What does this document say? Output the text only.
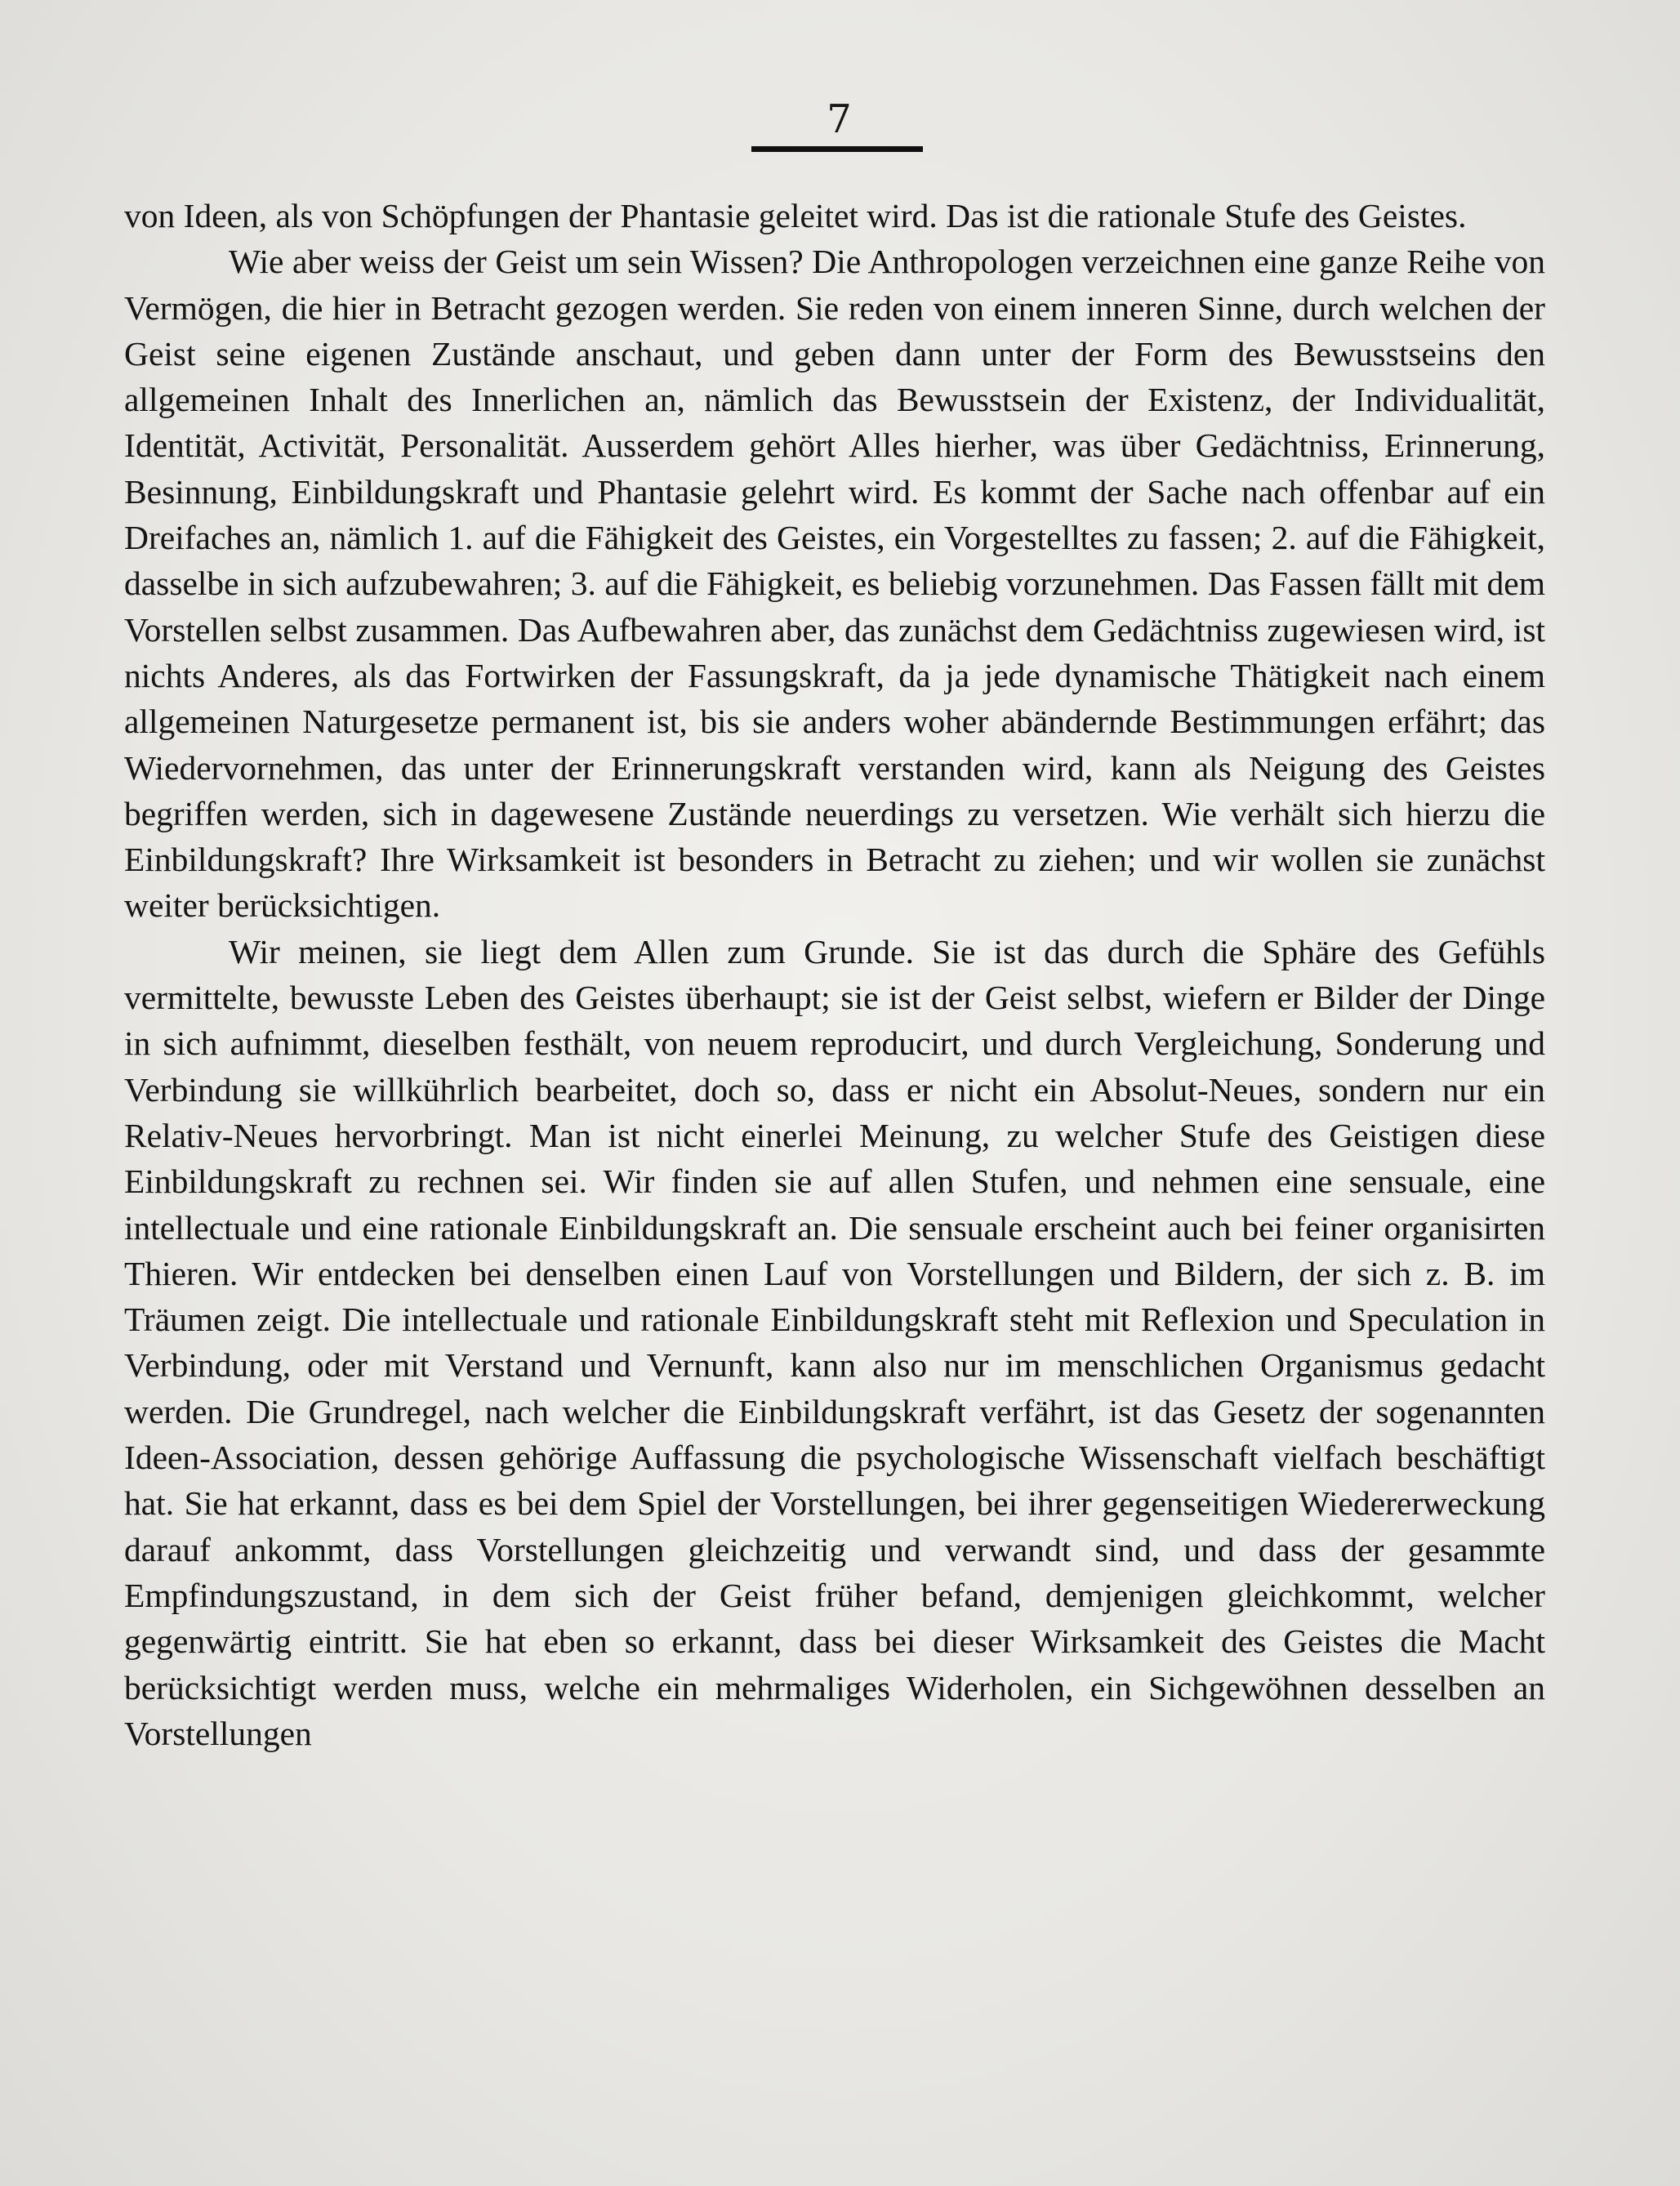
7

von Ideen, als von Schöpfungen der Phantasie geleitet wird. Das ist die rationale Stufe des Geistes.

Wie aber weiss der Geist um sein Wissen? Die Anthropologen verzeichnen eine ganze Reihe von Vermögen, die hier in Betracht gezogen werden. Sie reden von einem inneren Sinne, durch welchen der Geist seine eigenen Zustände anschaut, und geben dann unter der Form des Bewusstseins den allgemeinen Inhalt des Innerlichen an, nämlich das Bewusstsein der Existenz, der Individualität, Identität, Activität, Personalität. Ausserdem gehört Alles hierher, was über Gedächtniss, Erinnerung, Besinnung, Einbildungskraft und Phantasie gelehrt wird. Es kommt der Sache nach offenbar auf ein Dreifaches an, nämlich 1. auf die Fähigkeit des Geistes, ein Vorgestelltes zu fassen; 2. auf die Fähigkeit, dasselbe in sich aufzubewahren; 3. auf die Fähigkeit, es beliebig vorzunehmen. Das Fassen fällt mit dem Vorstellen selbst zusammen. Das Aufbewahren aber, das zunächst dem Gedächtniss zugewiesen wird, ist nichts Anderes, als das Fortwirken der Fassungskraft, da ja jede dynamische Thätigkeit nach einem allgemeinen Naturgesetze permanent ist, bis sie anders woher abändernde Bestimmungen erfährt; das Wiedervornehmen, das unter der Erinnerungskraft verstanden wird, kann als Neigung des Geistes begriffen werden, sich in dagewesene Zustände neuerdings zu versetzen. Wie verhält sich hierzu die Einbildungskraft? Ihre Wirksamkeit ist besonders in Betracht zu ziehen; und wir wollen sie zunächst weiter berücksichtigen.

Wir meinen, sie liegt dem Allen zum Grunde. Sie ist das durch die Sphäre des Gefühls vermittelte, bewusste Leben des Geistes überhaupt; sie ist der Geist selbst, wiefern er Bilder der Dinge in sich aufnimmt, dieselben festhält, von neuem reproducirt, und durch Vergleichung, Sonderung und Verbindung sie willkührlich bearbeitet, doch so, dass er nicht ein Absolut-Neues, sondern nur ein Relativ-Neues hervorbringt. Man ist nicht einerlei Meinung, zu welcher Stufe des Geistigen diese Einbildungskraft zu rechnen sei. Wir finden sie auf allen Stufen, und nehmen eine sensuale, eine intellectuale und eine rationale Einbildungskraft an. Die sensuale erscheint auch bei feiner organisirten Thieren. Wir entdecken bei denselben einen Lauf von Vorstellungen und Bildern, der sich z. B. im Träumen zeigt. Die intellectuale und rationale Einbildungskraft steht mit Reflexion und Speculation in Verbindung, oder mit Verstand und Vernunft, kann also nur im menschlichen Organismus gedacht werden. Die Grundregel, nach welcher die Einbildungskraft verfährt, ist das Gesetz der sogenannten Ideen-Association, dessen gehörige Auffassung die psychologische Wissenschaft vielfach beschäftigt hat. Sie hat erkannt, dass es bei dem Spiel der Vorstellungen, bei ihrer gegenseitigen Wiedererweckung darauf ankommt, dass Vorstellungen gleichzeitig und verwandt sind, und dass der gesammte Empfindungszustand, in dem sich der Geist früher befand, demjenigen gleichkommt, welcher gegenwärtig eintritt. Sie hat eben so erkannt, dass bei dieser Wirksamkeit des Geistes die Macht berücksichtigt werden muss, welche ein mehrmaliges Widerholen, ein Sichgewöhnen desselben an Vorstellungen
